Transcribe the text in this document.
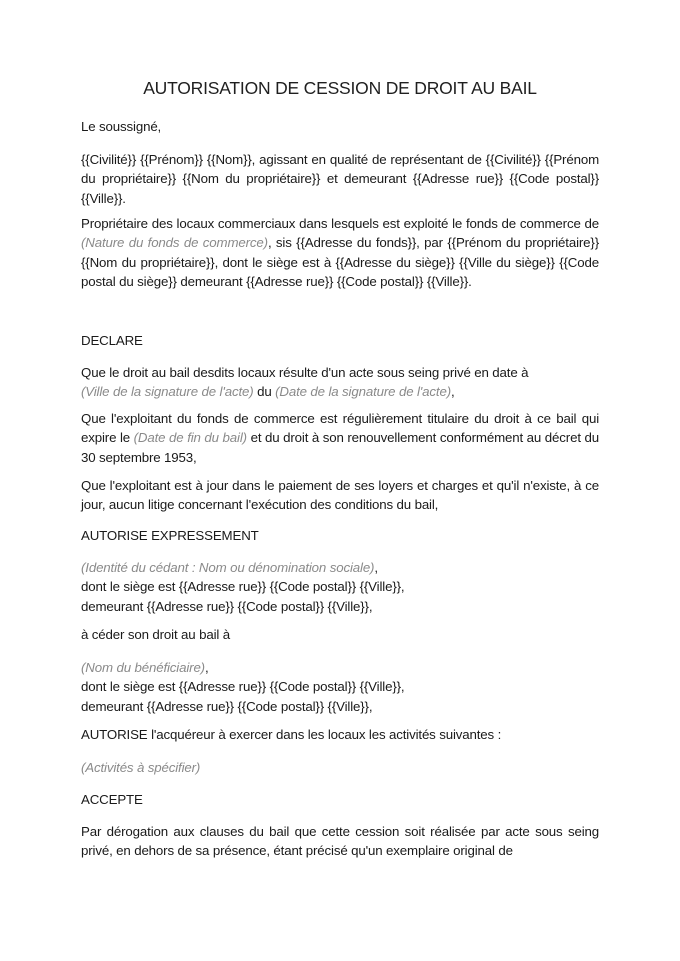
AUTORISATION DE CESSION DE DROIT AU BAIL
Le soussigné,
{{Civilité}} {{Prénom}} {{Nom}}, agissant en qualité de représentant de {{Civilité}} {{Prénom du propriétaire}} {{Nom du propriétaire}} et demeurant {{Adresse rue}} {{Code postal}} {{Ville}}.
Propriétaire des locaux commerciaux dans lesquels est exploité le fonds de commerce de (Nature du fonds de commerce), sis {{Adresse du fonds}}, par {{Prénom du propriétaire}} {{Nom du propriétaire}}, dont le siège est à {{Adresse du siège}} {{Ville du siège}} {{Code postal du siège}} demeurant {{Adresse rue}} {{Code postal}} {{Ville}}.
DECLARE
Que le droit au bail desdits locaux résulte d'un acte sous seing privé en date à
(Ville de la signature de l'acte) du (Date de la signature de l'acte),
Que l'exploitant du fonds de commerce est régulièrement titulaire du droit à ce bail qui expire le (Date de fin du bail) et du droit à son renouvellement conformément au décret du 30 septembre 1953,
Que l'exploitant est à jour dans le paiement de ses loyers et charges et qu'il n'existe, à ce jour, aucun litige concernant l'exécution des conditions du bail,
AUTORISE EXPRESSEMENT
(Identité du cédant : Nom ou dénomination sociale),
dont le siège est {{Adresse rue}} {{Code postal}} {{Ville}},
demeurant {{Adresse rue}} {{Code postal}} {{Ville}},
à céder son droit au bail à
(Nom du bénéficiaire),
dont le siège est {{Adresse rue}} {{Code postal}} {{Ville}},
demeurant {{Adresse rue}} {{Code postal}} {{Ville}},
AUTORISE l'acquéreur à exercer dans les locaux les activités suivantes :
(Activités à spécifier)
ACCEPTE
Par dérogation aux clauses du bail que cette cession soit réalisée par acte sous seing privé, en dehors de sa présence, étant précisé qu'un exemplaire original de
